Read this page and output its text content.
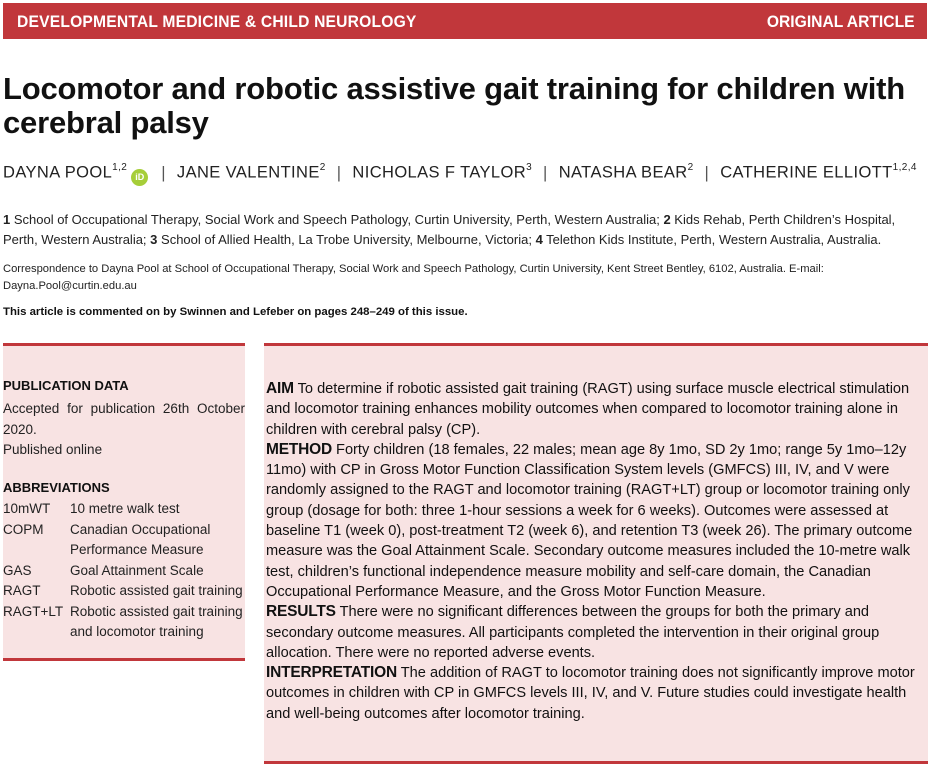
DEVELOPMENTAL MEDICINE & CHILD NEUROLOGY	ORIGINAL ARTICLE
Locomotor and robotic assistive gait training for children with cerebral palsy
DAYNA POOL$^{1,2}$iD | JANE VALENTINE$^2$ | NICHOLAS F TAYLOR$^3$ | NATASHA BEAR$^2$ | CATHERINE ELLIOTT$^{1,2,4}$
1 School of Occupational Therapy, Social Work and Speech Pathology, Curtin University, Perth, Western Australia; 2 Kids Rehab, Perth Children’s Hospital, Perth, Western Australia; 3 School of Allied Health, La Trobe University, Melbourne, Victoria; 4 Telethon Kids Institute, Perth, Western Australia, Australia.
Correspondence to Dayna Pool at School of Occupational Therapy, Social Work and Speech Pathology, Curtin University, Kent Street Bentley, 6102, Australia. E-mail: Dayna.Pool@curtin.edu.au
This article is commented on by Swinnen and Lefeber on pages 248–249 of this issue.
PUBLICATION DATA
Accepted for publication 26th October
2020.
Published online
ABBREVIATIONS
10mWT	10 metre walk test
COPM	Canadian Occupational Performance Measure
GAS	Goal Attainment Scale
RAGT	Robotic assisted gait training
RAGT+LT	Robotic assisted gait training and locomotor training

AIM To determine if robotic assisted gait training (RAGT) using surface muscle electrical stimulation and locomotor training enhances mobility outcomes when compared to locomotor training alone in children with cerebral palsy (CP).

METHOD Forty children (18 females, 22 males; mean age 8y 1mo, SD 2y 1mo; range 5y 1mo–12y 11mo) with CP in Gross Motor Function Classification System levels (GMFCS) III, IV, and V were randomly assigned to the RAGT and locomotor training (RAGT+LT) group or locomotor training only group (dosage for both: three 1-hour sessions a week for 6 weeks). Outcomes were assessed at baseline T1 (week 0), post-treatment T2 (week 6), and retention T3 (week 26). The primary outcome measure was the Goal Attainment Scale. Secondary outcome measures included the 10-metre walk test, children’s functional independence measure mobility and self-care domain, the Canadian Occupational Performance Measure, and the Gross Motor Function Measure.

RESULTS There were no significant differences between the groups for both the primary and secondary outcome measures. All participants completed the intervention in their original group allocation. There were no reported adverse events.

INTERPRETATION The addition of RAGT to locomotor training does not significantly improve motor outcomes in children with CP in GMFCS levels III, IV, and V. Future studies could investigate health and well-being outcomes after locomotor training.
